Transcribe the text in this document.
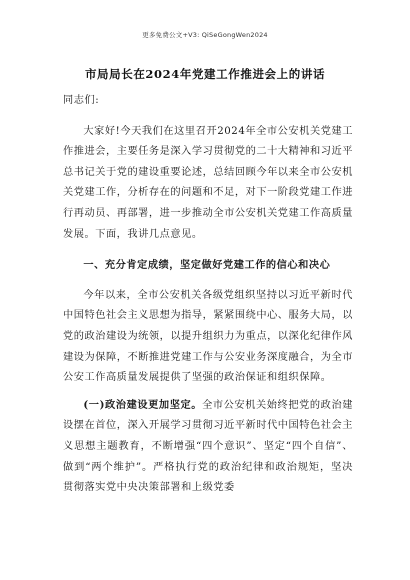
更多免费公文+V3: QiSeGongWen2024
市局局长在2024年党建工作推进会上的讲话

同志们:

大家好!今天我们在这里召开2024年全市公安机关党建工作推进会，主要任务是深入学习贯彻党的二十大精神和习近平总书记关于党的建设重要论述，总结回顾今年以来全市公安机关党建工作，分析存在的问题和不足，对下一阶段党建工作进行再动员、再部署，进一步推动全市公安机关党建工作高质量发展。下面，我讲几点意见。

一、充分肯定成绩，坚定做好党建工作的信心和决心

今年以来，全市公安机关各级党组织坚持以习近平新时代中国特色社会主义思想为指导，紧紧围绕中心、服务大局，以党的政治建设为统领，以提升组织力为重点，以深化纪律作风建设为保障，不断推进党建工作与公安业务深度融合，为全市公安工作高质量发展提供了坚强的政治保证和组织保障。

(一)政治建设更加坚定。全市公安机关始终把党的政治建设摆在首位，深入开展学习贯彻习近平新时代中国特色社会主义思想主题教育，不断增强“四个意识”、坚定“四个自信”、做到“两个维护”。严格执行党的政治纪律和政治规矩，坚决贯彻落实党中央决策部署和上级党委
